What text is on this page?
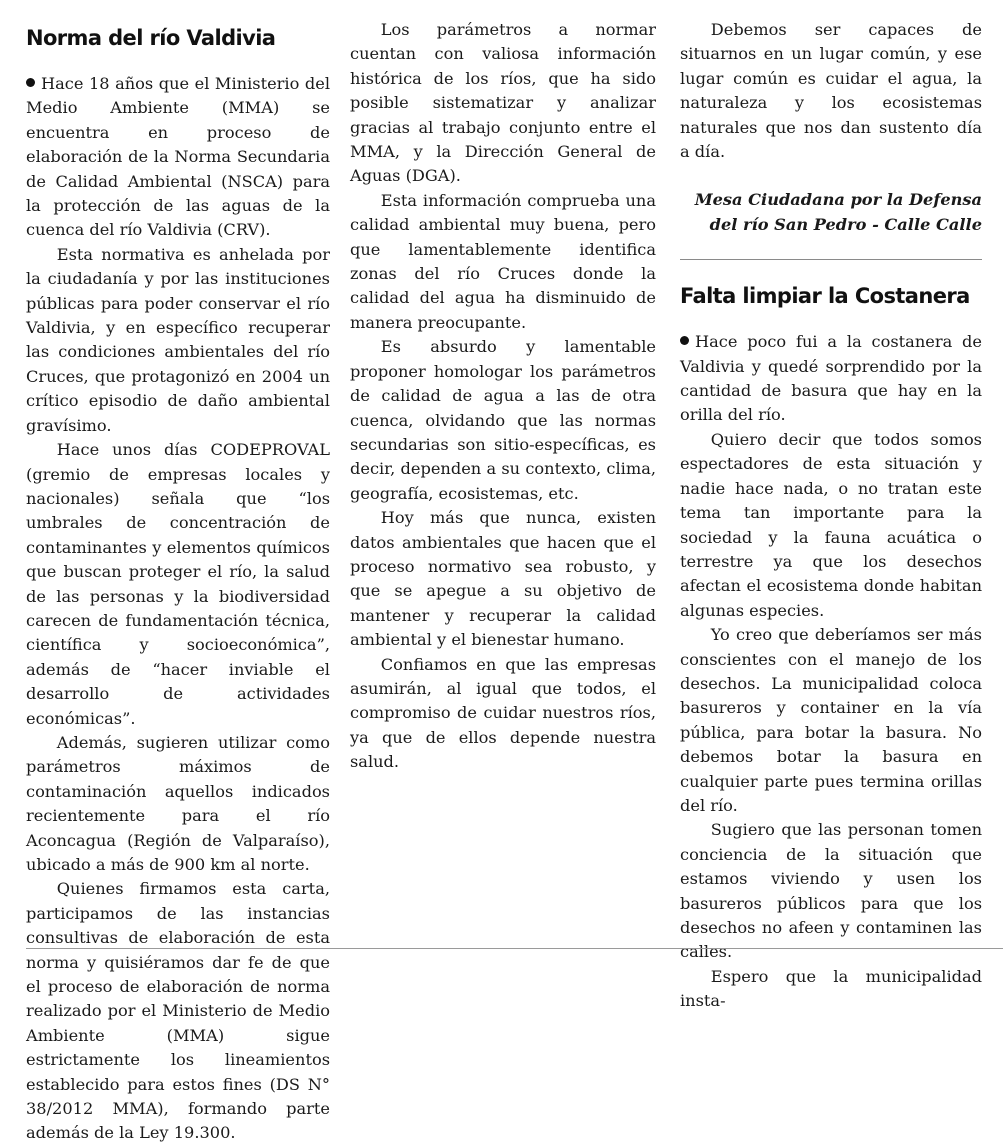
Norma del río Valdivia

Hace 18 años que el Ministerio del Medio Ambiente (MMA) se encuentra en proceso de elaboración de la Norma Secundaria de Calidad Ambiental (NSCA) para la protección de las aguas de la cuenca del río Valdivia (CRV).

Esta normativa es anhelada por la ciudadanía y por las instituciones públicas para poder conservar el río Valdivia, y en específico recuperar las condiciones ambientales del río Cruces, que protagonizó en 2004 un crítico episodio de daño ambiental gravísimo.

Hace unos días CODEPROVAL (gremio de empresas locales y nacionales) señala que “los umbrales de concentración de contaminantes y elementos químicos que buscan proteger el río, la salud de las personas y la biodiversidad carecen de fundamentación técnica, científica y socioeconómica”, además de “hacer inviable el desarrollo de actividades económicas”.

Además, sugieren utilizar como parámetros máximos de contaminación aquellos indicados recientemente para el río Aconcagua (Región de Valparaíso), ubicado a más de 900 km al norte.

Quienes firmamos esta carta, participamos de las instancias consultivas de elaboración de esta norma y quisiéramos dar fe de que el proceso de elaboración de norma realizado por el Ministerio de Medio Ambiente (MMA) sigue estrictamente los lineamientos establecido para estos fines (DS N° 38/2012 MMA), formando parte además de la Ley 19.300.

Los parámetros a normar cuentan con valiosa información histórica de los ríos, que ha sido posible sistematizar y analizar gracias al trabajo conjunto entre el MMA, y la Dirección General de Aguas (DGA).

Esta información comprueba una calidad ambiental muy buena, pero que lamentablemente identifica zonas del río Cruces donde la calidad del agua ha disminuido de manera preocupante.

Es absurdo y lamentable proponer homologar los parámetros de calidad de agua a las de otra cuenca, olvidando que las normas secundarias son sitio-específicas, es decir, dependen a su contexto, clima, geografía, ecosistemas, etc.

Hoy más que nunca, existen datos ambientales que hacen que el proceso normativo sea robusto, y que se apegue a su objetivo de mantener y recuperar la calidad ambiental y el bienestar humano.

Confiamos en que las empresas asumirán, al igual que todos, el compromiso de cuidar nuestros ríos, ya que de ellos depende nuestra salud.

Debemos ser capaces de situarnos en un lugar común, y ese lugar común es cuidar el agua, la naturaleza y los ecosistemas naturales que nos dan sustento día a día.

Mesa Ciudadana por la Defensa del río San Pedro - Calle Calle
Falta limpiar la Costanera

Hace poco fui a la costanera de Valdivia y quedé sorprendido por la cantidad de basura que hay en la orilla del río.

Quiero decir que todos somos espectadores de esta situación y nadie hace nada, o no tratan este tema tan importante para la sociedad y la fauna acuática o terrestre ya que los desechos afectan el ecosistema donde habitan algunas especies.

Yo creo que deberíamos ser más conscientes con el manejo de los desechos. La municipalidad coloca basureros y container en la vía pública, para botar la basura. No debemos botar la basura en cualquier parte pues termina orillas del río.

Sugiero que las personan tomen conciencia de la situación que estamos viviendo y usen los basureros públicos para que los desechos no afeen y contaminen las calles.

Espero que la municipalidad insta-
